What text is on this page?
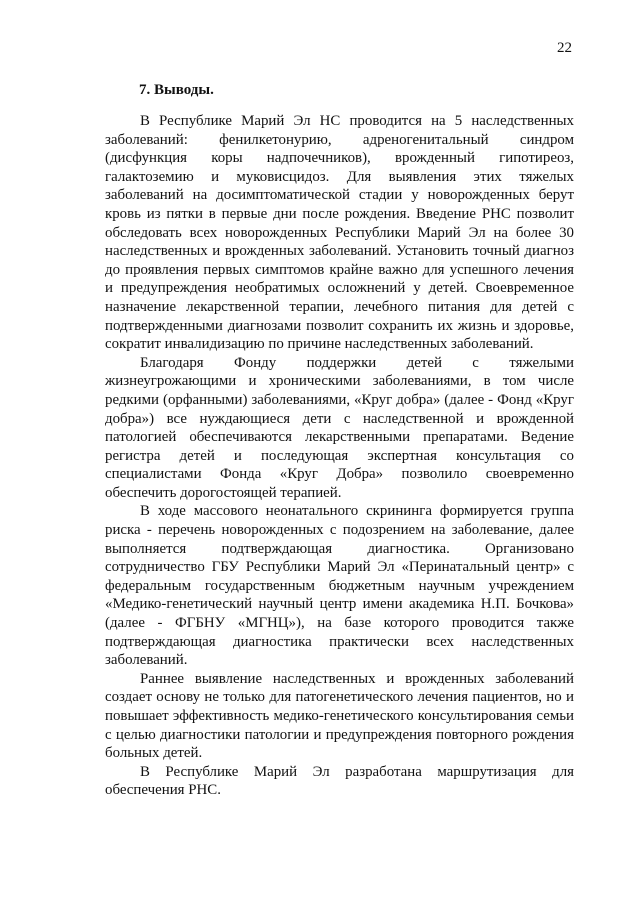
22
7. Выводы.

В Республике Марий Эл НС проводится на 5 наследственных заболеваний: фенилкетонурию, адреногенитальный синдром (дисфункция коры надпочечников), врожденный гипотиреоз, галактоземию и муковисцидоз. Для выявления этих тяжелых заболеваний на досимптоматической стадии у новорожденных берут кровь из пятки в первые дни после рождения. Введение РНС позволит обследовать всех новорожденных Республики Марий Эл на более 30 наследственных и врожденных заболеваний. Установить точный диагноз до проявления первых симптомов крайне важно для успешного лечения и предупреждения необратимых осложнений у детей. Своевременное назначение лекарственной терапии, лечебного питания для детей с подтвержденными диагнозами позволит сохранить их жизнь и здоровье, сократит инвалидизацию по причине наследственных заболеваний.

Благодаря Фонду поддержки детей с тяжелыми жизнеугрожающими и хроническими заболеваниями, в том числе редкими (орфанными) заболеваниями, «Круг добра» (далее - Фонд «Круг добра») все нуждающиеся дети с наследственной и врожденной патологией обеспечиваются лекарственными препаратами. Ведение регистра детей и последующая экспертная консультация со специалистами Фонда «Круг Добра» позволило своевременно обеспечить дорогостоящей терапией.

В ходе массового неонатального скрининга формируется группа риска - перечень новорожденных с подозрением на заболевание, далее выполняется подтверждающая диагностика. Организовано сотрудничество ГБУ Республики Марий Эл «Перинатальный центр» с федеральным государственным бюджетным научным учреждением «Медико-генетический научный центр имени академика Н.П. Бочкова» (далее - ФГБНУ «МГНЦ»), на базе которого проводится также подтверждающая диагностика практически всех наследственных заболеваний.

Раннее выявление наследственных и врожденных заболеваний создает основу не только для патогенетического лечения пациентов, но и повышает эффективность медико-генетического консультирования семьи с целью диагностики патологии и предупреждения повторного рождения больных детей.

В Республике Марий Эл разработана маршрутизация для обеспечения РНС.
